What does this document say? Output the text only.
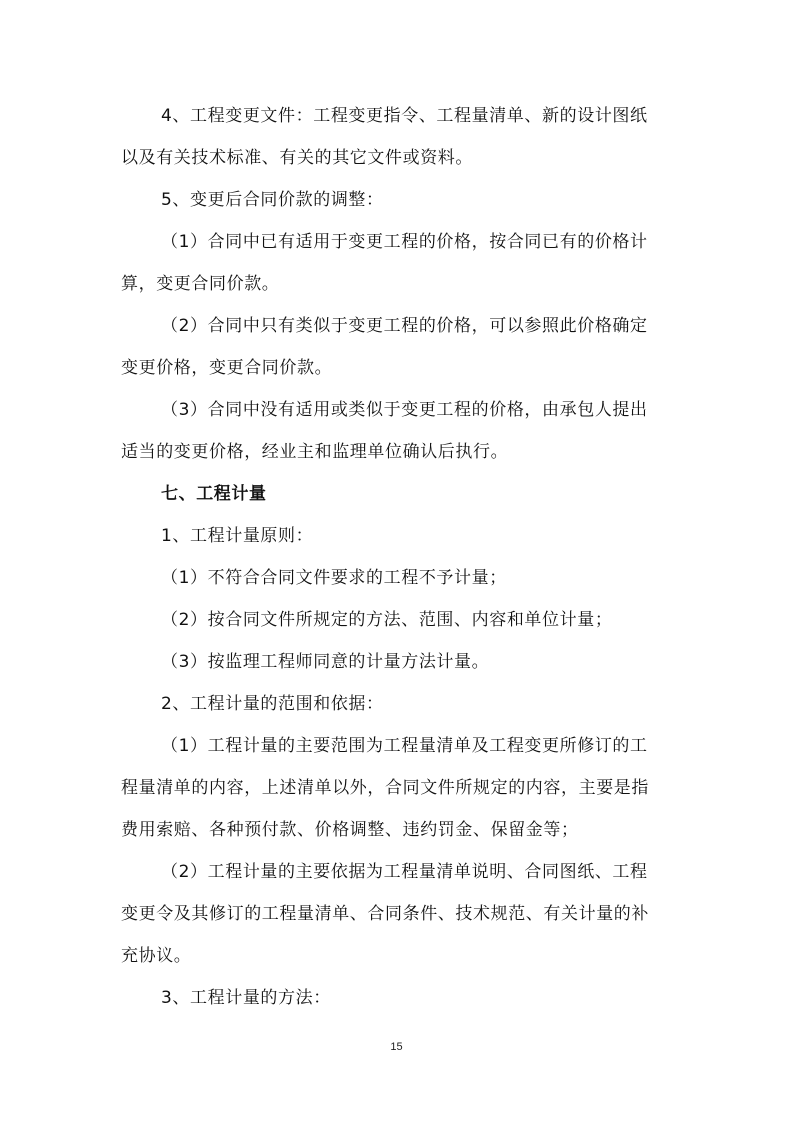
4、工程变更文件：工程变更指令、工程量清单、新的设计图纸
以及有关技术标准、有关的其它文件或资料。
5、变更后合同价款的调整：
（1）合同中已有适用于变更工程的价格，按合同已有的价格计
算，变更合同价款。
（2）合同中只有类似于变更工程的价格，可以参照此价格确定
变更价格，变更合同价款。
（3）合同中没有适用或类似于变更工程的价格，由承包人提出
适当的变更价格，经业主和监理单位确认后执行。
七、工程计量
1、工程计量原则：
（1）不符合合同文件要求的工程不予计量；
（2）按合同文件所规定的方法、范围、内容和单位计量；
（3）按监理工程师同意的计量方法计量。
2、工程计量的范围和依据：
（1）工程计量的主要范围为工程量清单及工程变更所修订的工
程量清单的内容，上述清单以外，合同文件所规定的内容，主要是指
费用索赔、各种预付款、价格调整、违约罚金、保留金等；
（2）工程计量的主要依据为工程量清单说明、合同图纸、工程
变更令及其修订的工程量清单、合同条件、技术规范、有关计量的补
充协议。
3、工程计量的方法：
15
